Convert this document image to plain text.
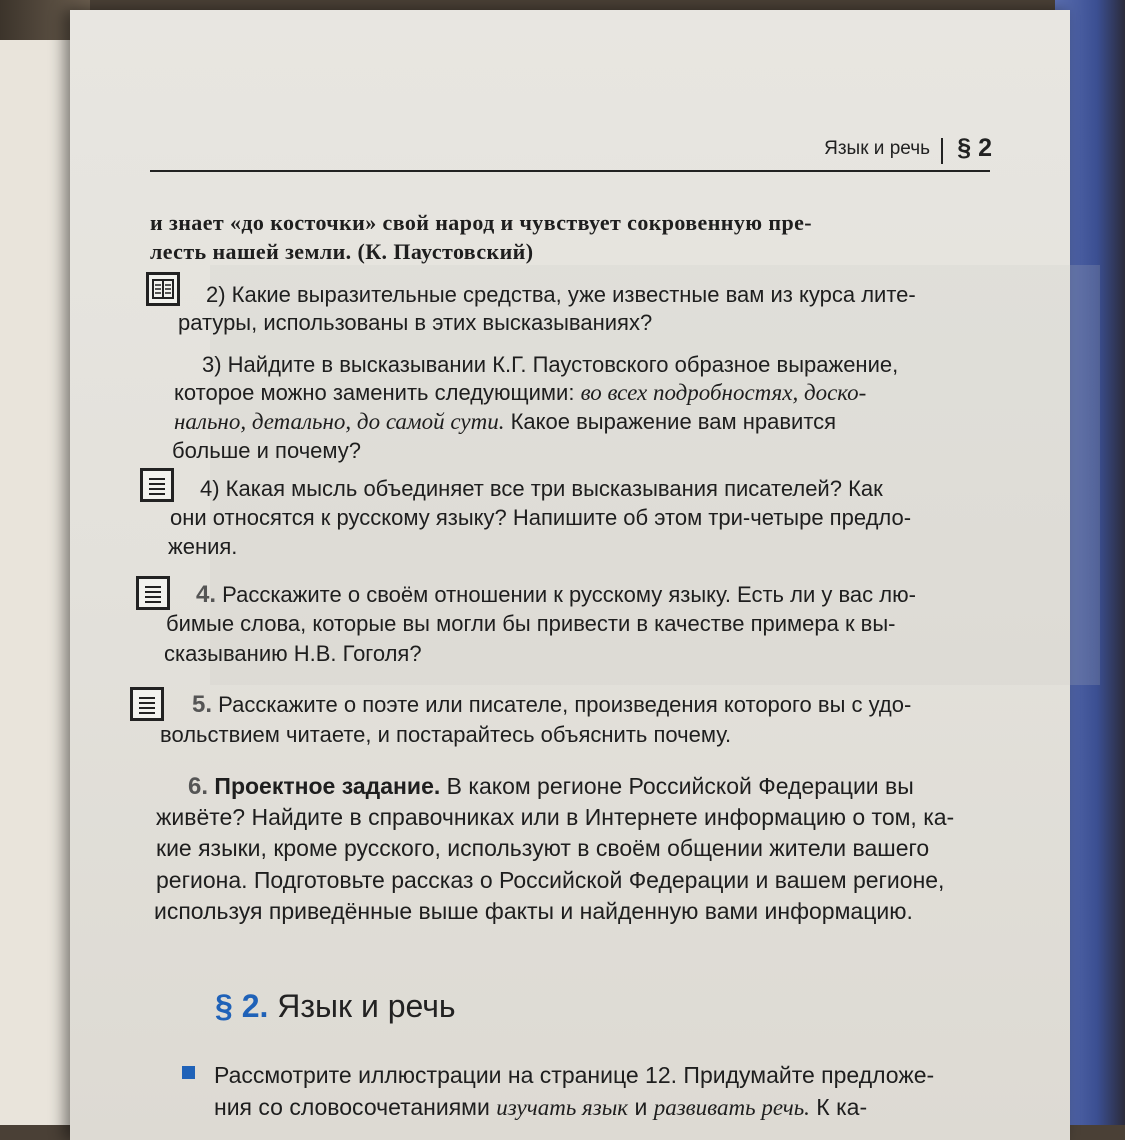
Язык и речь § 2
и знает «до косточки» свой народ и чувствует сокровенную пре-
лесть нашей земли. (К. Паустовский)
2) Какие выразительные средства, уже известные вам из курса лите-
ратуры, использованы в этих высказываниях?
3) Найдите в высказывании К.Г. Паустовского образное выражение,
которое можно заменить следующими: во всех подробностях, доско-
нально, детально, до самой сути. Какое выражение вам нравится
больше и почему?
4) Какая мысль объединяет все три высказывания писателей? Как
они относятся к русскому языку? Напишите об этом три-четыре предло-
жения.
4. Расскажите о своём отношении к русскому языку. Есть ли у вас лю-
бимые слова, которые вы могли бы привести в качестве примера к вы-
сказыванию Н.В. Гоголя?
5. Расскажите о поэте или писателе, произведения которого вы с удо-
вольствием читаете, и постарайтесь объяснить почему.
6. Проектное задание. В каком регионе Российской Федерации вы
живёте? Найдите в справочниках или в Интернете информацию о том, ка-
кие языки, кроме русского, используют в своём общении жители вашего
региона. Подготовьте рассказ о Российской Федерации и вашем регионе,
используя приведённые выше факты и найденную вами информацию.
§ 2. Язык и речь
Рассмотрите иллюстрации на странице 12. Придумайте предложе-
ния со словосочетаниями изучать язык и развивать речь. К ка-
